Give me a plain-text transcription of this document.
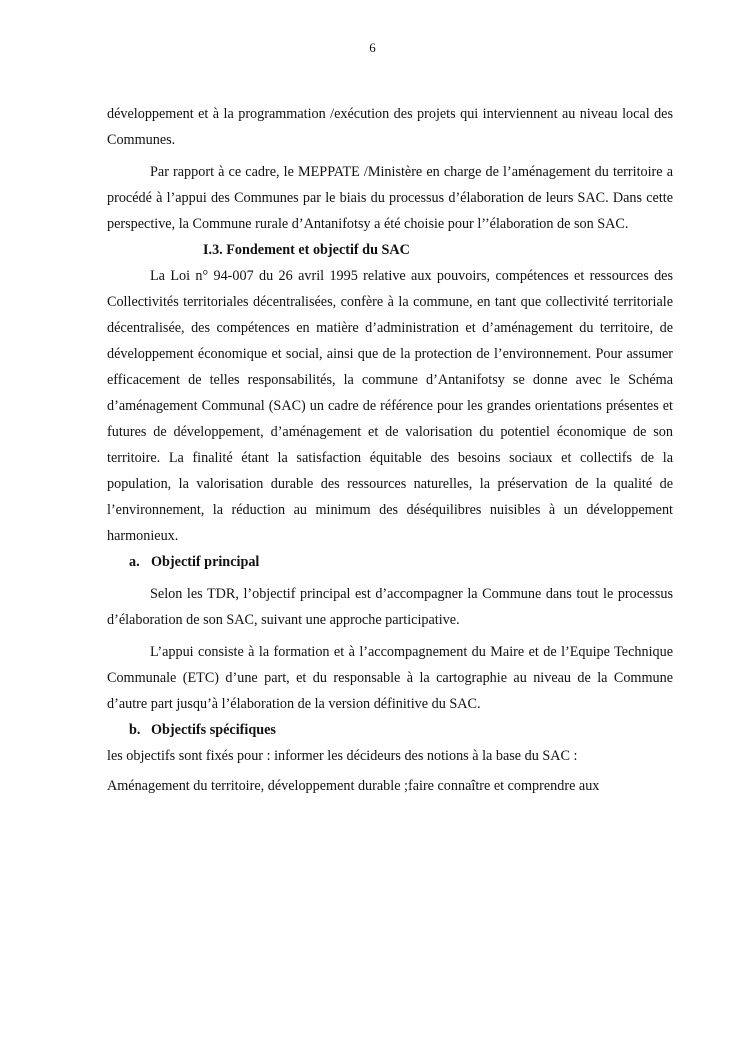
6

développement et à la programmation /exécution des projets qui interviennent au niveau local des Communes.

Par rapport à ce cadre, le MEPPATE /Ministère en charge de l’aménagement du territoire a procédé à l’appui des Communes par le biais du processus d’élaboration de leurs SAC. Dans cette perspective, la Commune rurale d’Antanifotsy a été choisie pour l’’élaboration de son SAC.

I.3. Fondement et objectif du SAC

La Loi n° 94-007 du 26 avril 1995 relative aux pouvoirs, compétences et ressources des Collectivités territoriales décentralisées, confère à la commune, en tant que collectivité territoriale décentralisée, des compétences en matière d’administration et d’aménagement du territoire, de développement économique et social, ainsi que de la protection de l’environnement. Pour assumer efficacement de telles responsabilités, la commune d’Antanifotsy se donne avec le Schéma d’aménagement Communal (SAC) un cadre de référence pour les grandes orientations présentes et futures de développement, d’aménagement et de valorisation du potentiel économique de son territoire. La finalité étant la satisfaction équitable des besoins sociaux et collectifs de la population, la valorisation durable des ressources naturelles, la préservation de la qualité de l’environnement, la réduction au minimum des déséquilibres nuisibles à un développement harmonieux.

a. Objectif principal

Selon les TDR, l’objectif principal est d’accompagner la Commune dans tout le processus d’élaboration de son SAC, suivant une approche participative.

L’appui consiste à la formation et à l’accompagnement du Maire et de l’Equipe Technique Communale (ETC) d’une part, et du responsable à la cartographie au niveau de la Commune d’autre part jusqu’à l’élaboration de la version définitive du SAC.

b. Objectifs spécifiques

les objectifs sont fixés pour : informer les décideurs des notions à la base du SAC :

Aménagement du territoire, développement durable ;faire connaître et comprendre aux
